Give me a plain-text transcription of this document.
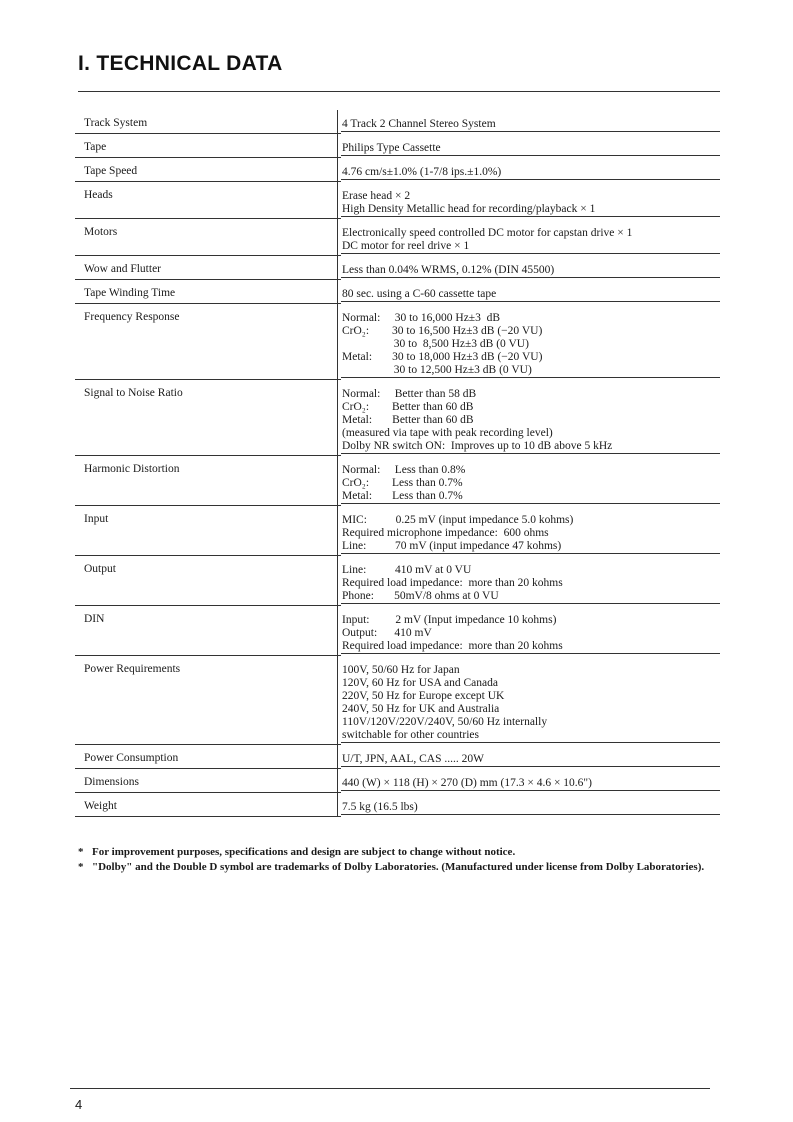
I. TECHNICAL DATA
Track System	4 Track 2 Channel Stereo System
Tape	Philips Type Cassette
Tape Speed	4.76 cm/s±1.0% (1-7/8 ips.±1.0%)
Heads	Erase head × 2
High Density Metallic head for recording/playback × 1
Motors	Electronically speed controlled DC motor for capstan drive × 1
DC motor for reel drive × 1
Wow and Flutter	Less than 0.04% WRMS, 0.12% (DIN 45500)
Tape Winding Time	80 sec. using a C-60 cassette tape
Frequency Response	Normal:     30 to 16,000 Hz±3  dB
CrO₂:        30 to 16,500 Hz±3 dB (−20 VU)
30 to  8,500 Hz±3 dB (0 VU)
Metal:       30 to 18,000 Hz±3 dB (−20 VU)
30 to 12,500 Hz±3 dB (0 VU)
Signal to Noise Ratio	Normal:     Better than 58 dB
CrO₂:        Better than 60 dB
Metal:       Better than 60 dB
(measured via tape with peak recording level)
Dolby NR switch ON:  Improves up to 10 dB above 5 kHz
Harmonic Distortion	Normal:     Less than 0.8%
CrO₂:        Less than 0.7%
Metal:       Less than 0.7%
Input	MIC:          0.25 mV (input impedance 5.0 kohms)
Required microphone impedance:  600 ohms
Line:          70 mV (input impedance 47 kohms)
Output	Line:          410 mV at 0 VU
Required load impedance:  more than 20 kohms
Phone:       50mV/8 ohms at 0 VU
DIN	Input:         2 mV (Input impedance 10 kohms)
Output:      410 mV
Required load impedance:  more than 20 kohms
Power Requirements	100V, 50/60 Hz for Japan
120V, 60 Hz for USA and Canada
220V, 50 Hz for Europe except UK
240V, 50 Hz for UK and Australia
110V/120V/220V/240V, 50/60 Hz internally
switchable for other countries
Power Consumption	U/T, JPN, AAL, CAS ..... 20W
Dimensions	440 (W) × 118 (H) × 270 (D) mm (17.3 × 4.6 × 10.6")
Weight	7.5 kg (16.5 lbs)
* For improvement purposes, specifications and design are subject to change without notice.
* "Dolby" and the Double D symbol are trademarks of Dolby Laboratories. (Manufactured under license from Dolby Laboratories).
4
